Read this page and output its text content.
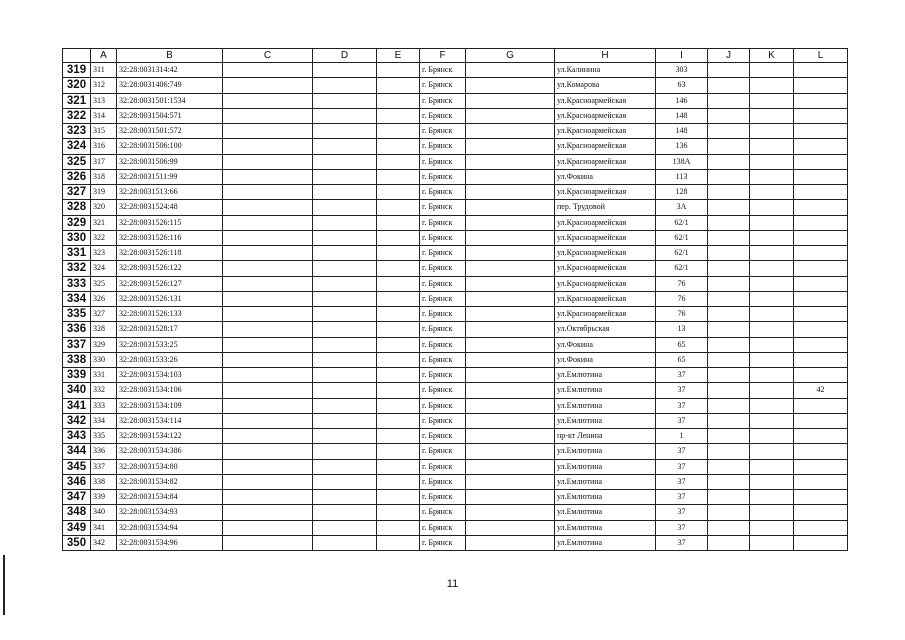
	A	B	C	D	E	F	G	H	I	J	K	L
319	311	32:28:0031314:42				г. Брянск		ул.Калинина	303			
320	312	32:28:0031406:749				г. Брянск		ул.Комарова	63			
321	313	32:28:0031501:1534				г. Брянск		ул.Красноармейская	146			
322	314	32:28:0031504:571				г. Брянск		ул.Красноармейская	148			
323	315	32:28:0031501:572				г. Брянск		ул.Красноармейская	148			
324	316	32:28:0031506:100				г. Брянск		ул.Красноармейская	136			
325	317	32:28:0031506:99				г. Брянск		ул.Красноармейская	138А			
326	318	32:28:0031511:99				г. Брянск		ул.Фокина	113			
327	319	32:28:0031513:66				г. Брянск		ул.Красноармейская	128			
328	320	32:28:0031524:48				г. Брянск		пер. Трудовой	3А			
329	321	32:28:0031526:115				г. Брянск		ул.Красноармейская	62/1			
330	322	32:28:0031526:116				г. Брянск		ул.Красноармейская	62/1			
331	323	32:28:0031526:118				г. Брянск		ул.Красноармейская	62/1			
332	324	32:28:0031526:122				г. Брянск		ул.Красноармейская	62/1			
333	325	32:28:0031526:127				г. Брянск		ул.Красноармейская	76			
334	326	32:28:0031526:131				г. Брянск		ул.Красноармейская	76			
335	327	32:28:0031526:133				г. Брянск		ул.Красноармейская	76			
336	328	32:28:0031528:17				г. Брянск		ул.Октябрьская	13			
337	329	32:28:0031533:25				г. Брянск		ул.Фокина	65			
338	330	32:28:0031533:26				г. Брянск		ул.Фокина	65			
339	331	32:28:0031534:103				г. Брянск		ул.Емлютина	37			
340	332	32:28:0031534:106				г. Брянск		ул.Емлютина	37			42
341	333	32:28:0031534:109				г. Брянск		ул.Емлютина	37			
342	334	32:28:0031534:114				г. Брянск		ул.Емлютина	37			
343	335	32:28:0031534:122				г. Брянск		пр-кт Ленина	1			
344	336	32:28:0031534:386				г. Брянск		ул.Емлютина	37			
345	337	32:28:0031534:80				г. Брянск		ул.Емлютина	37			
346	338	32:28:0031534:82				г. Брянск		ул.Емлютина	37			
347	339	32:28:0031534:84				г. Брянск		ул.Емлютина	37			
348	340	32:28:0031534:93				г. Брянск		ул.Емлютина	37			
349	341	32:28:0031534:94				г. Брянск		ул.Емлютина	37			
350	342	32:28:0031534:96				г. Брянск		ул.Емлютина	37			
11
